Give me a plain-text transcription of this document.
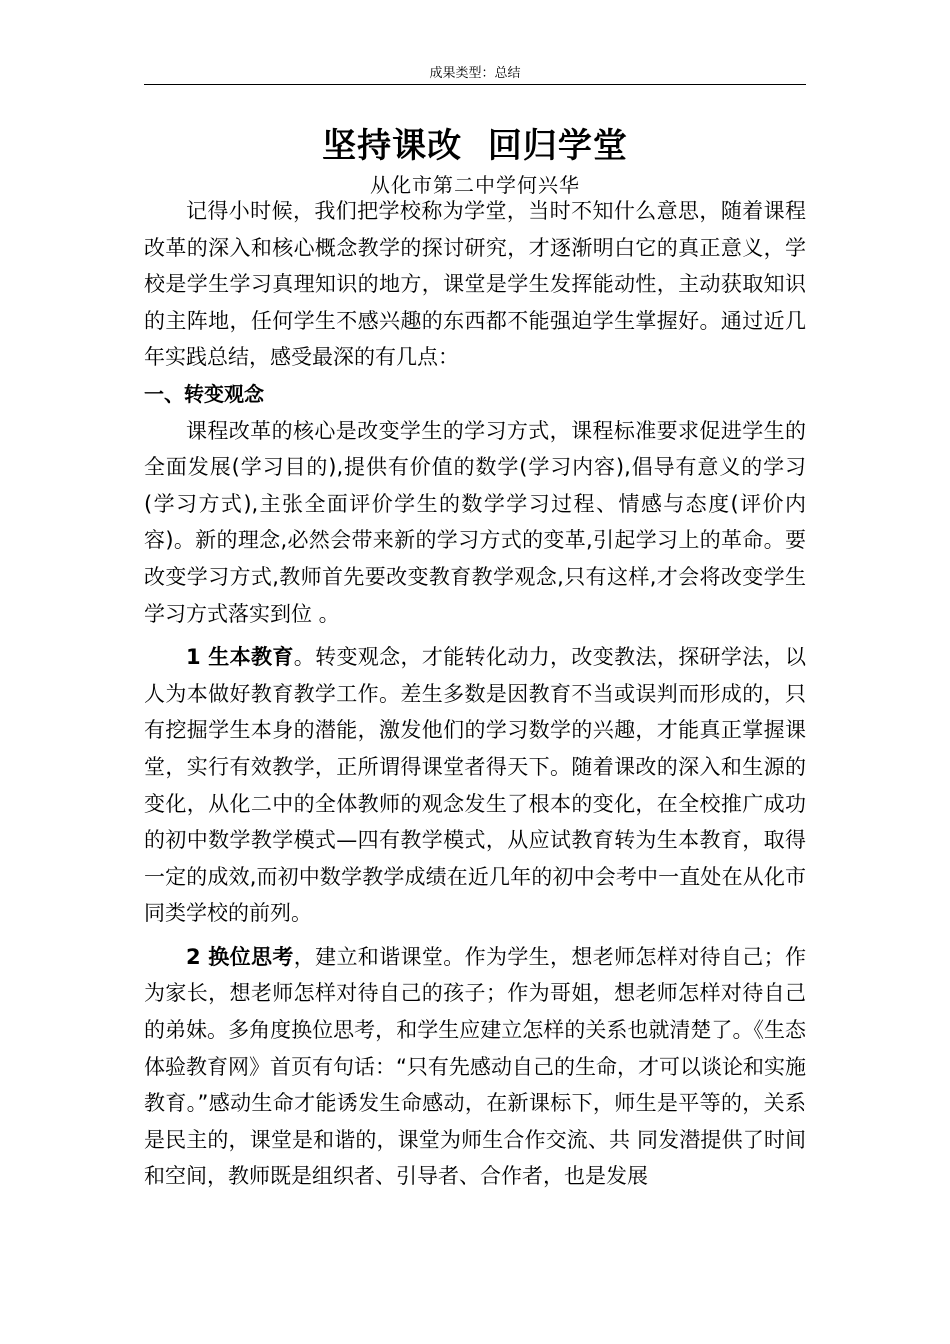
成果类型：总结
坚持课改  回归学堂
从化市第二中学何兴华

记得小时候，我们把学校称为学堂，当时不知什么意思，随着课程改革的深入和核心概念教学的探讨研究，才逐渐明白它的真正意义，学校是学生学习真理知识的地方，课堂是学生发挥能动性，主动获取知识的主阵地，任何学生不感兴趣的东西都不能强迫学生掌握好。通过近几年实践总结，感受最深的有几点：

一、转变观念

课程改革的核心是改变学生的学习方式，课程标准要求促进学生的全面发展(学习目的),提供有价值的数学(学习内容),倡导有意义的学习(学习方式),主张全面评价学生的数学学习过程、情感与态度(评价内容)。新的理念,必然会带来新的学习方式的变革,引起学习上的革命。要改变学习方式,教师首先要改变教育教学观念,只有这样,才会将改变学生学习方式落实到位 。

1 生本教育。转变观念，才能转化动力，改变教法，探研学法，以人为本做好教育教学工作。差生多数是因教育不当或误判而形成的，只有挖掘学生本身的潜能，激发他们的学习数学的兴趣，才能真正掌握课堂，实行有效教学，正所谓得课堂者得天下。随着课改的深入和生源的变化，从化二中的全体教师的观念发生了根本的变化，在全校推广成功的初中数学教学模式—四有教学模式，从应试教育转为生本教育，取得一定的成效,而初中数学教学成绩在近几年的初中会考中一直处在从化市同类学校的前列。

2 换位思考，建立和谐课堂。作为学生，想老师怎样对待自己；作为家长，想老师怎样对待自己的孩子；作为哥姐，想老师怎样对待自己的弟妹。多角度换位思考，和学生应建立怎样的关系也就清楚了。《生态体验教育网》首页有句话：“只有先感动自己的生命，才可以谈论和实施教育。”感动生命才能诱发生命感动，在新课标下，师生是平等的，关系是民主的，课堂是和谐的，课堂为师生合作交流、共 同发潜提供了时间和空间，教师既是组织者、引导者、合作者，也是发展
